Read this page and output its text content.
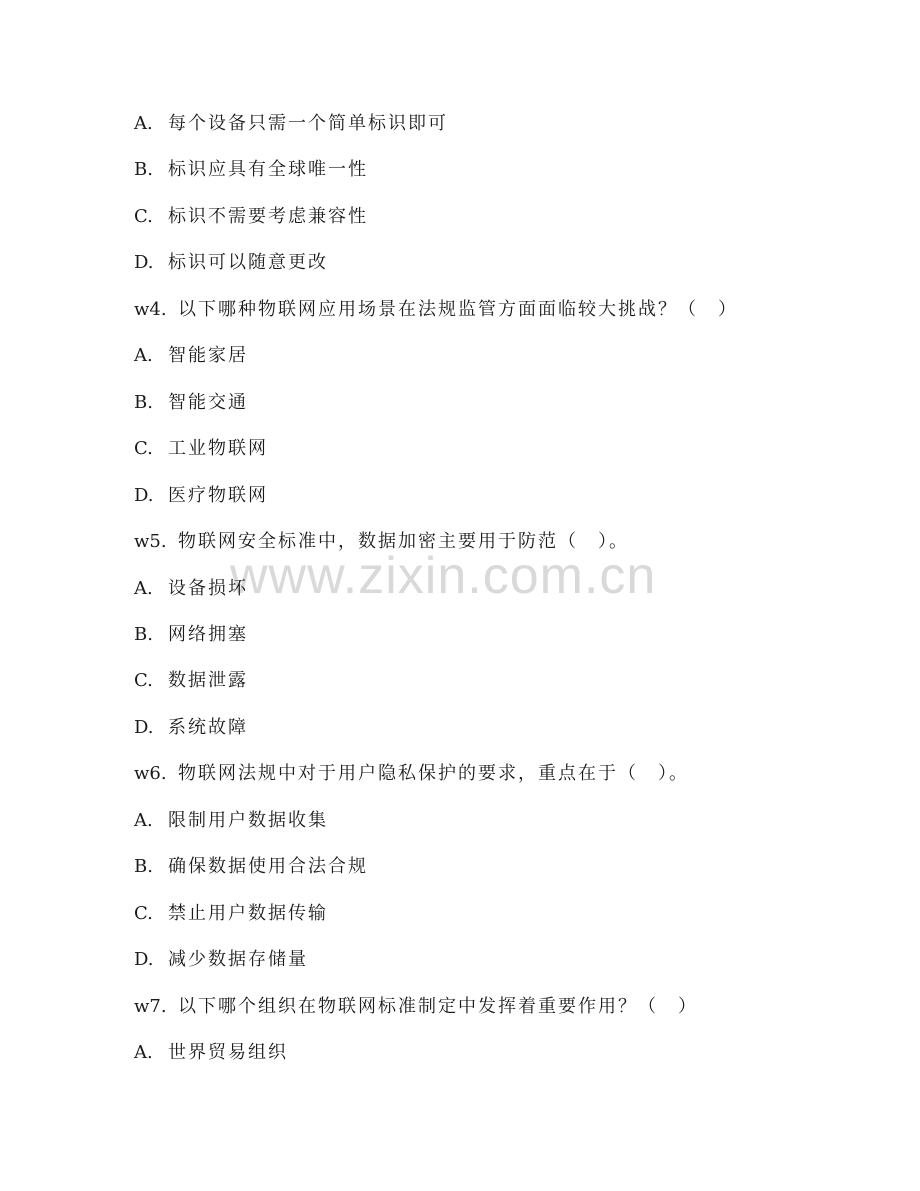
www.zixin.com.cn
A. 每个设备只需一个简单标识即可
B. 标识应具有全球唯一性
C. 标识不需要考虑兼容性
D. 标识可以随意更改
w4. 以下哪种物联网应用场景在法规监管方面面临较大挑战？（　）
A. 智能家居
B. 智能交通
C. 工业物联网
D. 医疗物联网
w5. 物联网安全标准中，数据加密主要用于防范（　）。
A. 设备损坏
B. 网络拥塞
C. 数据泄露
D. 系统故障
w6. 物联网法规中对于用户隐私保护的要求，重点在于（　）。
A. 限制用户数据收集
B. 确保数据使用合法合规
C. 禁止用户数据传输
D. 减少数据存储量
w7. 以下哪个组织在物联网标准制定中发挥着重要作用？（　）
A. 世界贸易组织
